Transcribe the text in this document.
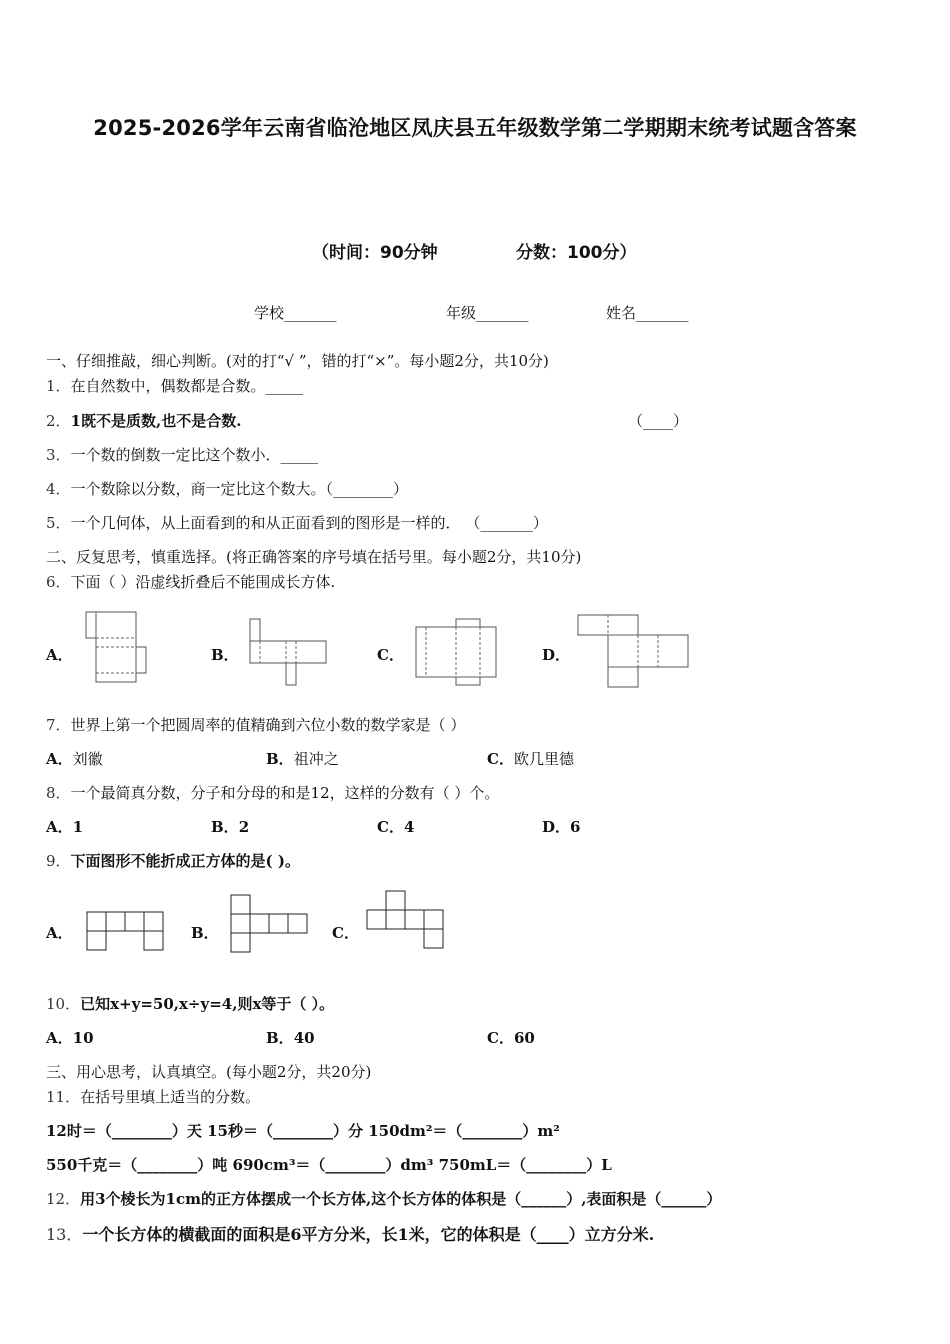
2025-2026学年云南省临沧地区凤庆县五年级数学第二学期期末统考试题含答案
（时间：90分钟	分数：100分）
学校_______	年级_______	姓名_______
一、仔细推敲，细心判断。(对的打“√ ”，错的打“×”。每小题2分，共10分)
1．在自然数中，偶数都是合数。_____
2．1既不是质数,也不是合数.	（____）
3．一个数的倒数一定比这个数小．_____
4．一个数除以分数，商一定比这个数大。（________）
5．一个几何体，从上面看到的和从正面看到的图形是一样的． （_______）
二、反复思考，慎重选择。(将正确答案的序号填在括号里。每小题2分，共10分)
6．下面（ ）沿虚线折叠后不能围成长方体.
A．	B．	C．	D．
7．世界上第一个把圆周率的值精确到六位小数的数学家是（ ）
A．刘徽	B．祖冲之	C．欧几里德
8．一个最简真分数，分子和分母的和是12，这样的分数有（ ）个。
A．1	B．2	C．4	D．6
9．下面图形不能折成正方体的是( )。
A．	B．	C．
10．已知x+y=50,x÷y=4,则x等于（ ）。
A．10	B．40	C．60
三、用心思考，认真填空。(每小题2分，共20分)
11．在括号里填上适当的分数。
12时＝（________）天 15秒＝（________）分 150dm²＝（________）m²
550千克＝（________）吨 690cm³＝（________）dm³ 750mL＝（________）L
12．用3个棱长为1cm的正方体摆成一个长方体,这个长方体的体积是（______）,表面积是（______）
13．一个长方体的横截面的面积是6平方分米，长1米，它的体积是（____）立方分米.
